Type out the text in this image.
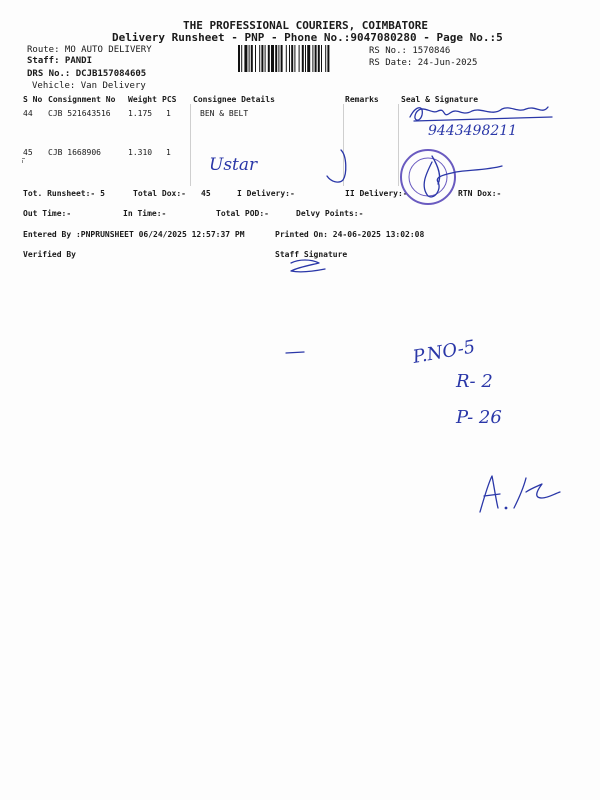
THE PROFESSIONAL COURIERS, COIMBATORE
Delivery Runsheet - PNP - Phone No.:9047080280 - Page No.:5
Route: MO AUTO DELIVERY
Staff: PANDI
DRS No.: DCJB157084605
Vehicle: Van Delivery
RS No.: 1570846
RS Date: 24-Jun-2025
S No Consignment No Weight PCS Consignee Details	Remarks	Seal & Signature
44 CJB 521643516 1.175 1	BEN & BELT
45 CJB 1668906	1.310 1
Tot. Runsheet:- 5	Total Dox:- 45	I Delivery:-	II Delivery:-	RTN Dox:-
Out Time:-	In Time:-	Total POD:-	Delvy Points:-
Entered By :PNPRUNSHEET 06/24/2025 12:57:37 PM	Printed On: 24-06-2025 13:02:08
Verified By	Staff Signature
9443498211
Ustar
P.NO-5
R- 2
P- 26
